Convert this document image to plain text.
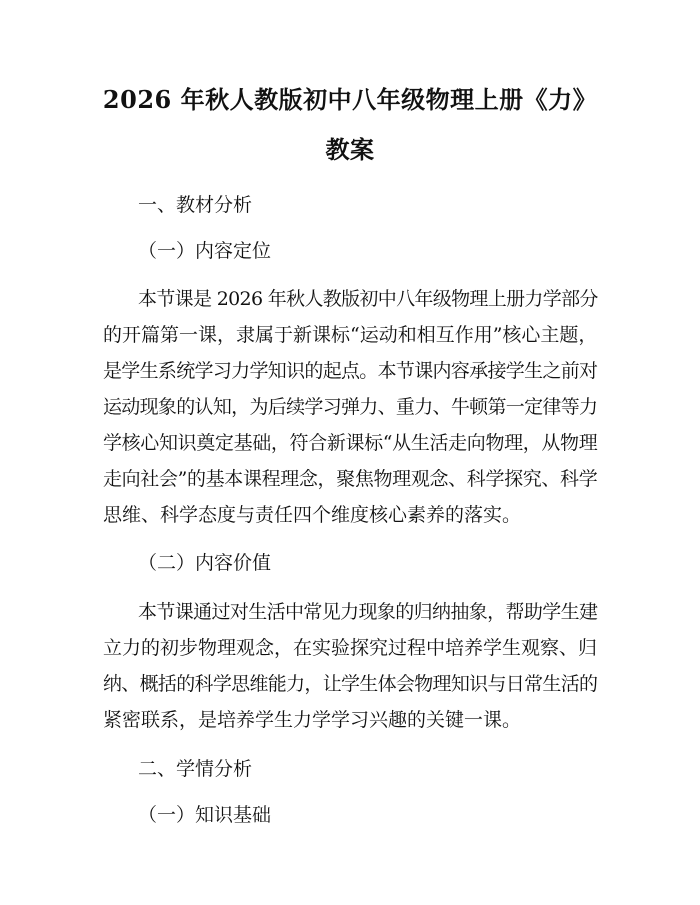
2026 年秋人教版初中八年级物理上册《力》
教案
一、教材分析
（一）内容定位
本节课是 2026 年秋人教版初中八年级物理上册力学部分
的开篇第一课，隶属于新课标“运动和相互作用”核心主题，
是学生系统学习力学知识的起点。本节课内容承接学生之前对
运动现象的认知，为后续学习弹力、重力、牛顿第一定律等力
学核心知识奠定基础，符合新课标“从生活走向物理，从物理
走向社会”的基本课程理念，聚焦物理观念、科学探究、科学
思维、科学态度与责任四个维度核心素养的落实。
（二）内容价值
本节课通过对生活中常见力现象的归纳抽象，帮助学生建
立力的初步物理观念，在实验探究过程中培养学生观察、归
纳、概括的科学思维能力，让学生体会物理知识与日常生活的
紧密联系，是培养学生力学学习兴趣的关键一课。
二、学情分析
（一）知识基础
